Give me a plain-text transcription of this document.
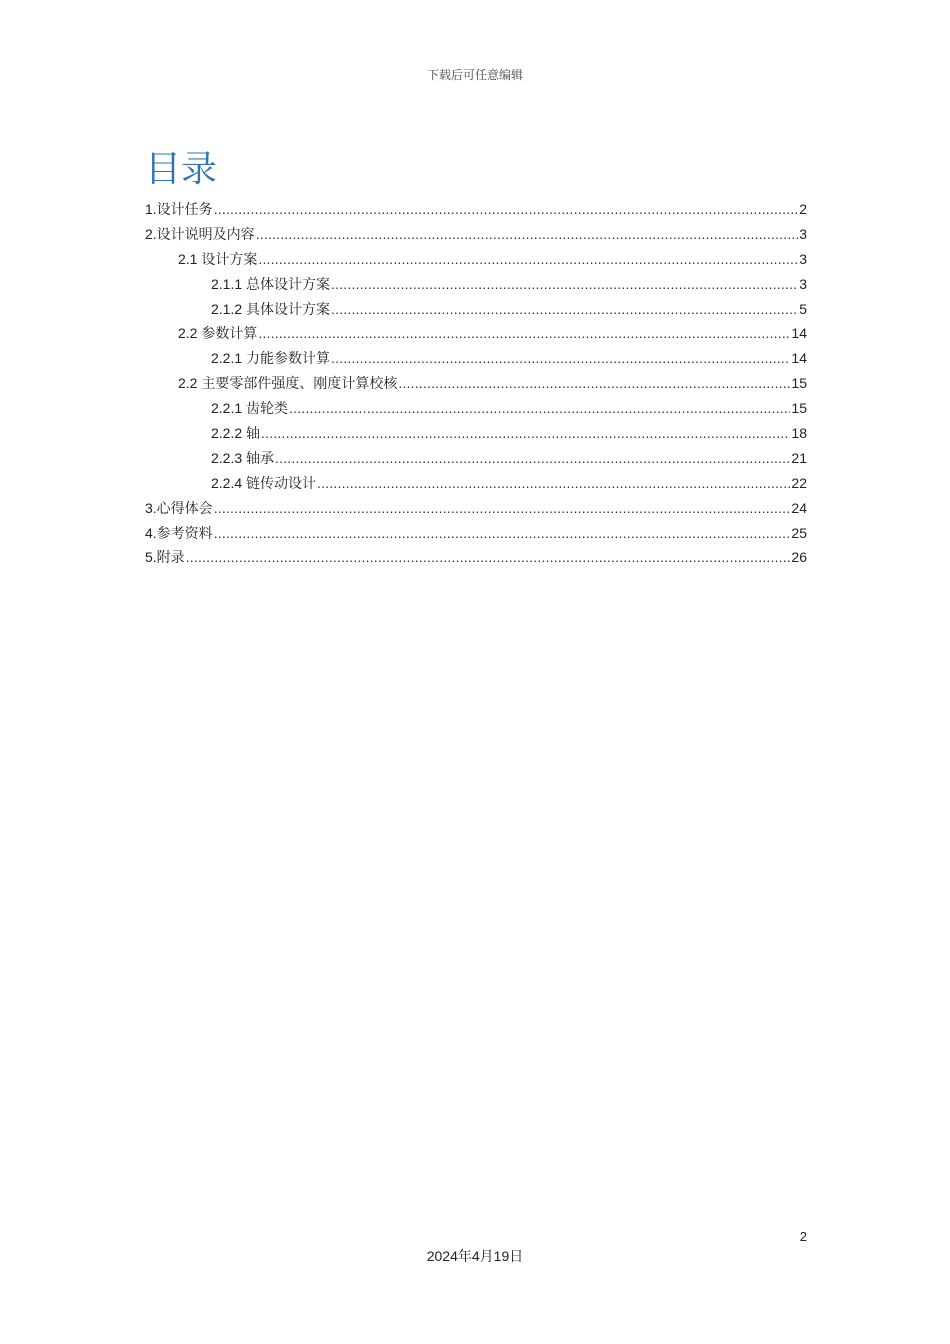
下载后可任意编辑
目录
1.设计任务 .....	2
2.设计说明及内容 .....	3
2.1 设计方案 .....	3
2.1.1 总体设计方案 .....	3
2.1.2 具体设计方案 .....	5
2.2 参数计算 .....	14
2.2.1 力能参数计算 .....	14
2.2 主要零部件强度、刚度计算校核 .....	15
2.2.1 齿轮类 .....	15
2.2.2 轴 .....	18
2.2.3 轴承 .....	21
2.2.4 链传动设计 .....	22
3.心得体会 .....	24
4.参考资料 .....	25
5.附录 .....	26
2
2024年4月19日
